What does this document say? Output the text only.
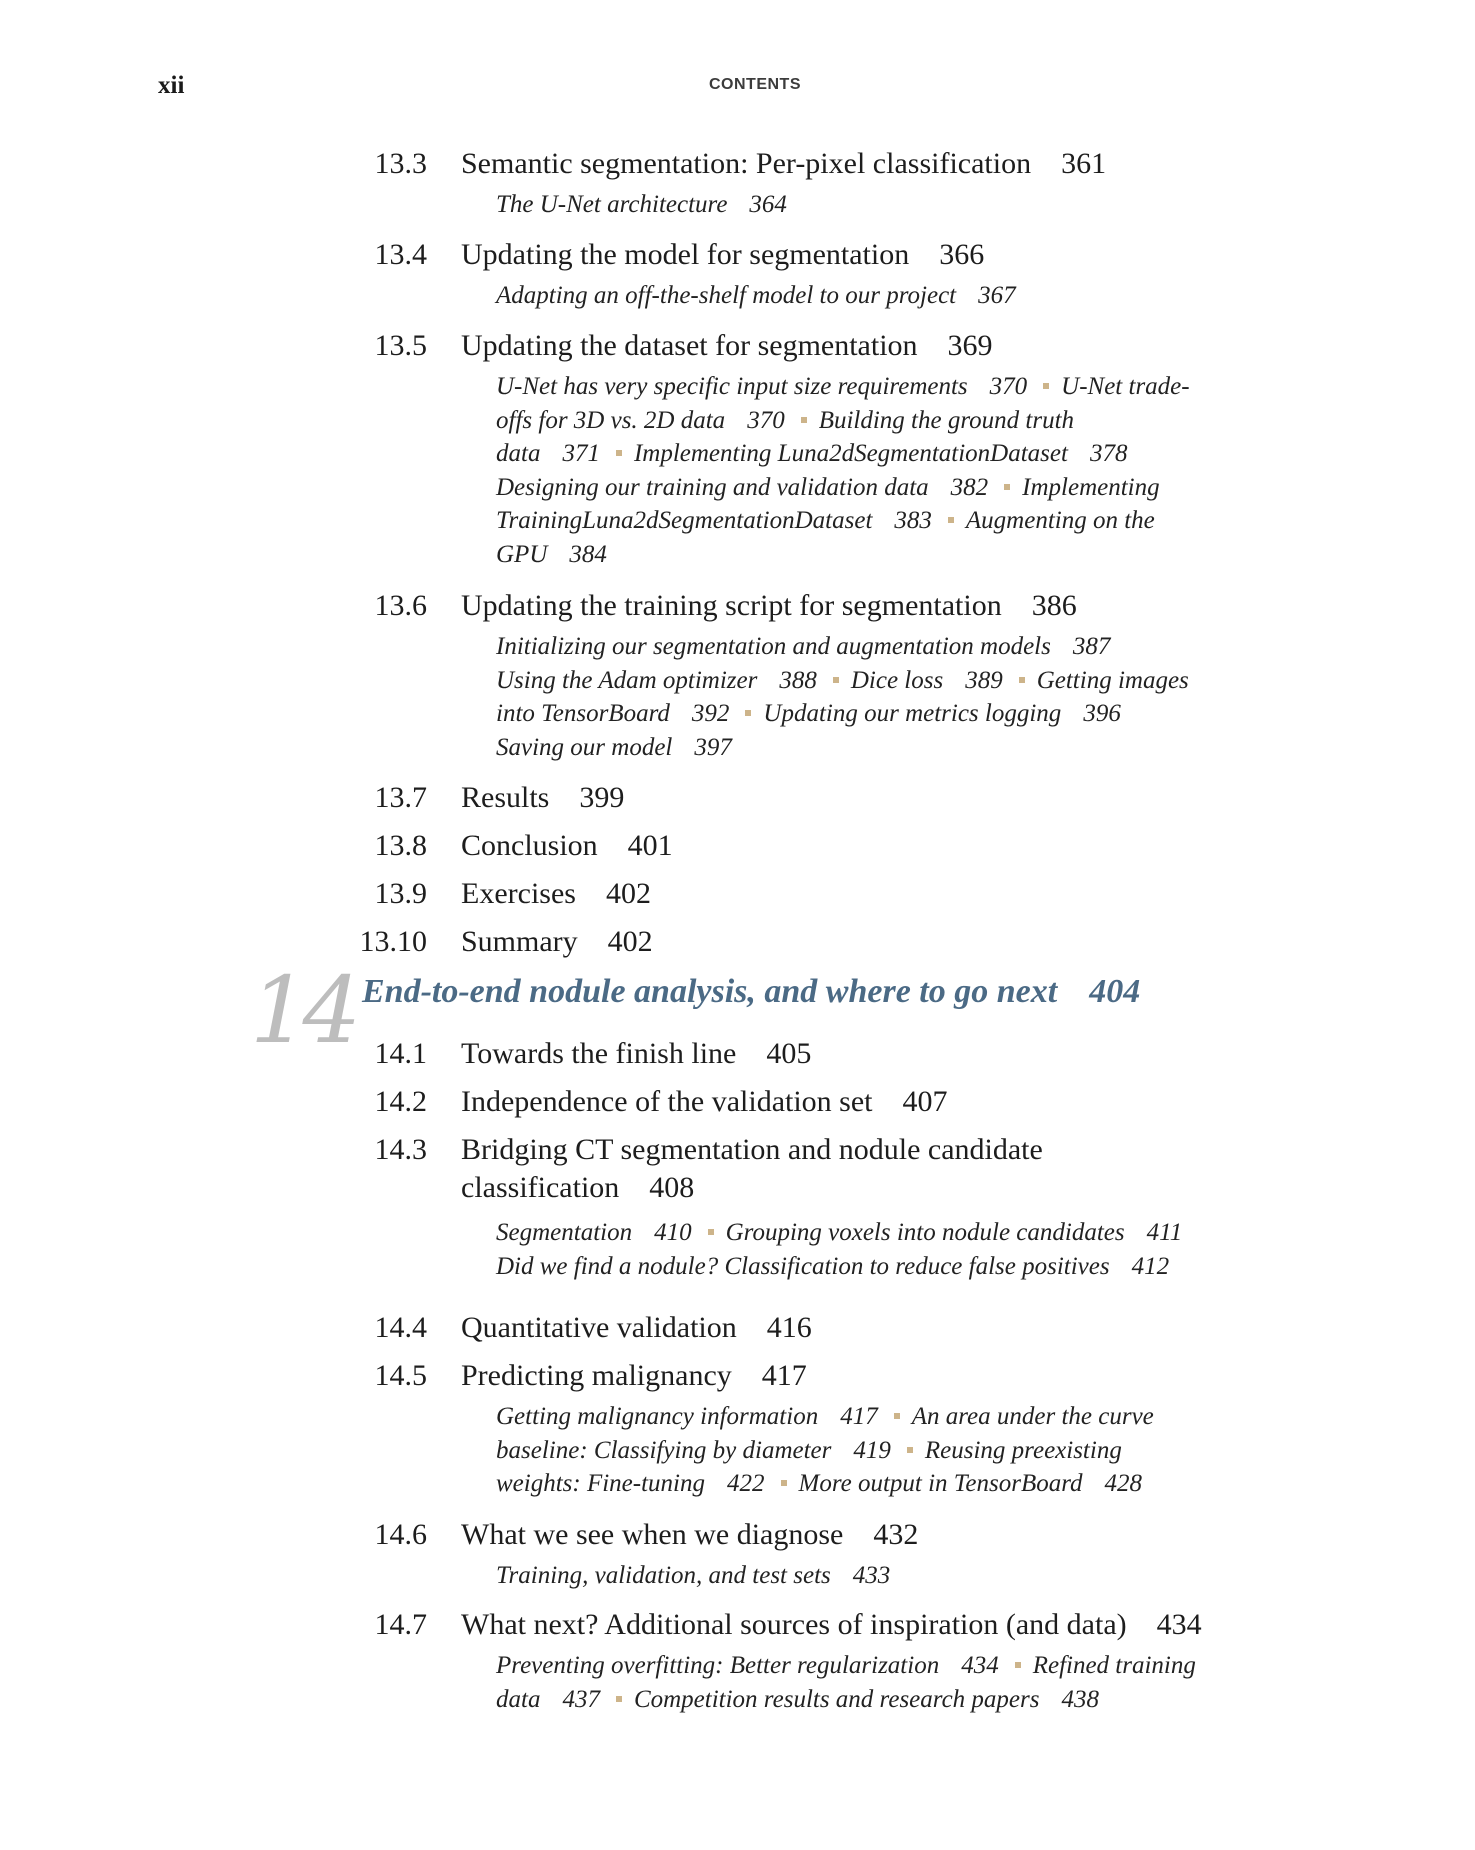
xii	CONTENTS
13.3 Semantic segmentation: Per-pixel classification 361
The U-Net architecture 364
13.4 Updating the model for segmentation 366
Adapting an off-the-shelf model to our project 367
13.5 Updating the dataset for segmentation 369
U-Net has very specific input size requirements 370 U-Net trade-
offs for 3D vs. 2D data 370 Building the ground truth
data 371 Implementing Luna2dSegmentationDataset 378
Designing our training and validation data 382 Implementing
TrainingLuna2dSegmentationDataset 383 Augmenting on the
GPU 384
13.6 Updating the training script for segmentation 386
Initializing our segmentation and augmentation models 387
Using the Adam optimizer 388 Dice loss 389 Getting images
into TensorBoard 392 Updating our metrics logging 396
Saving our model 397
13.7 Results 399
13.8 Conclusion 401
13.9 Exercises 402
13.10 Summary 402
14.1 Towards the finish line 405
14.2 Independence of the validation set 407
14.3 Bridging CT segmentation and nodule candidate
classification 408
Segmentation 410 Grouping voxels into nodule candidates 411
Did we find a nodule? Classification to reduce false positives 412
14.4 Quantitative validation 416
14.5 Predicting malignancy 417
Getting malignancy information 417 An area under the curve
baseline: Classifying by diameter 419 Reusing preexisting
weights: Fine-tuning 422 More output in TensorBoard 428
14.6 What we see when we diagnose 432
Training, validation, and test sets 433
14.7 What next? Additional sources of inspiration (and data) 434
Preventing overfitting: Better regularization 434 Refined training
data 437 Competition results and research papers 438
14 End-to-end nodule analysis, and where to go next 404
